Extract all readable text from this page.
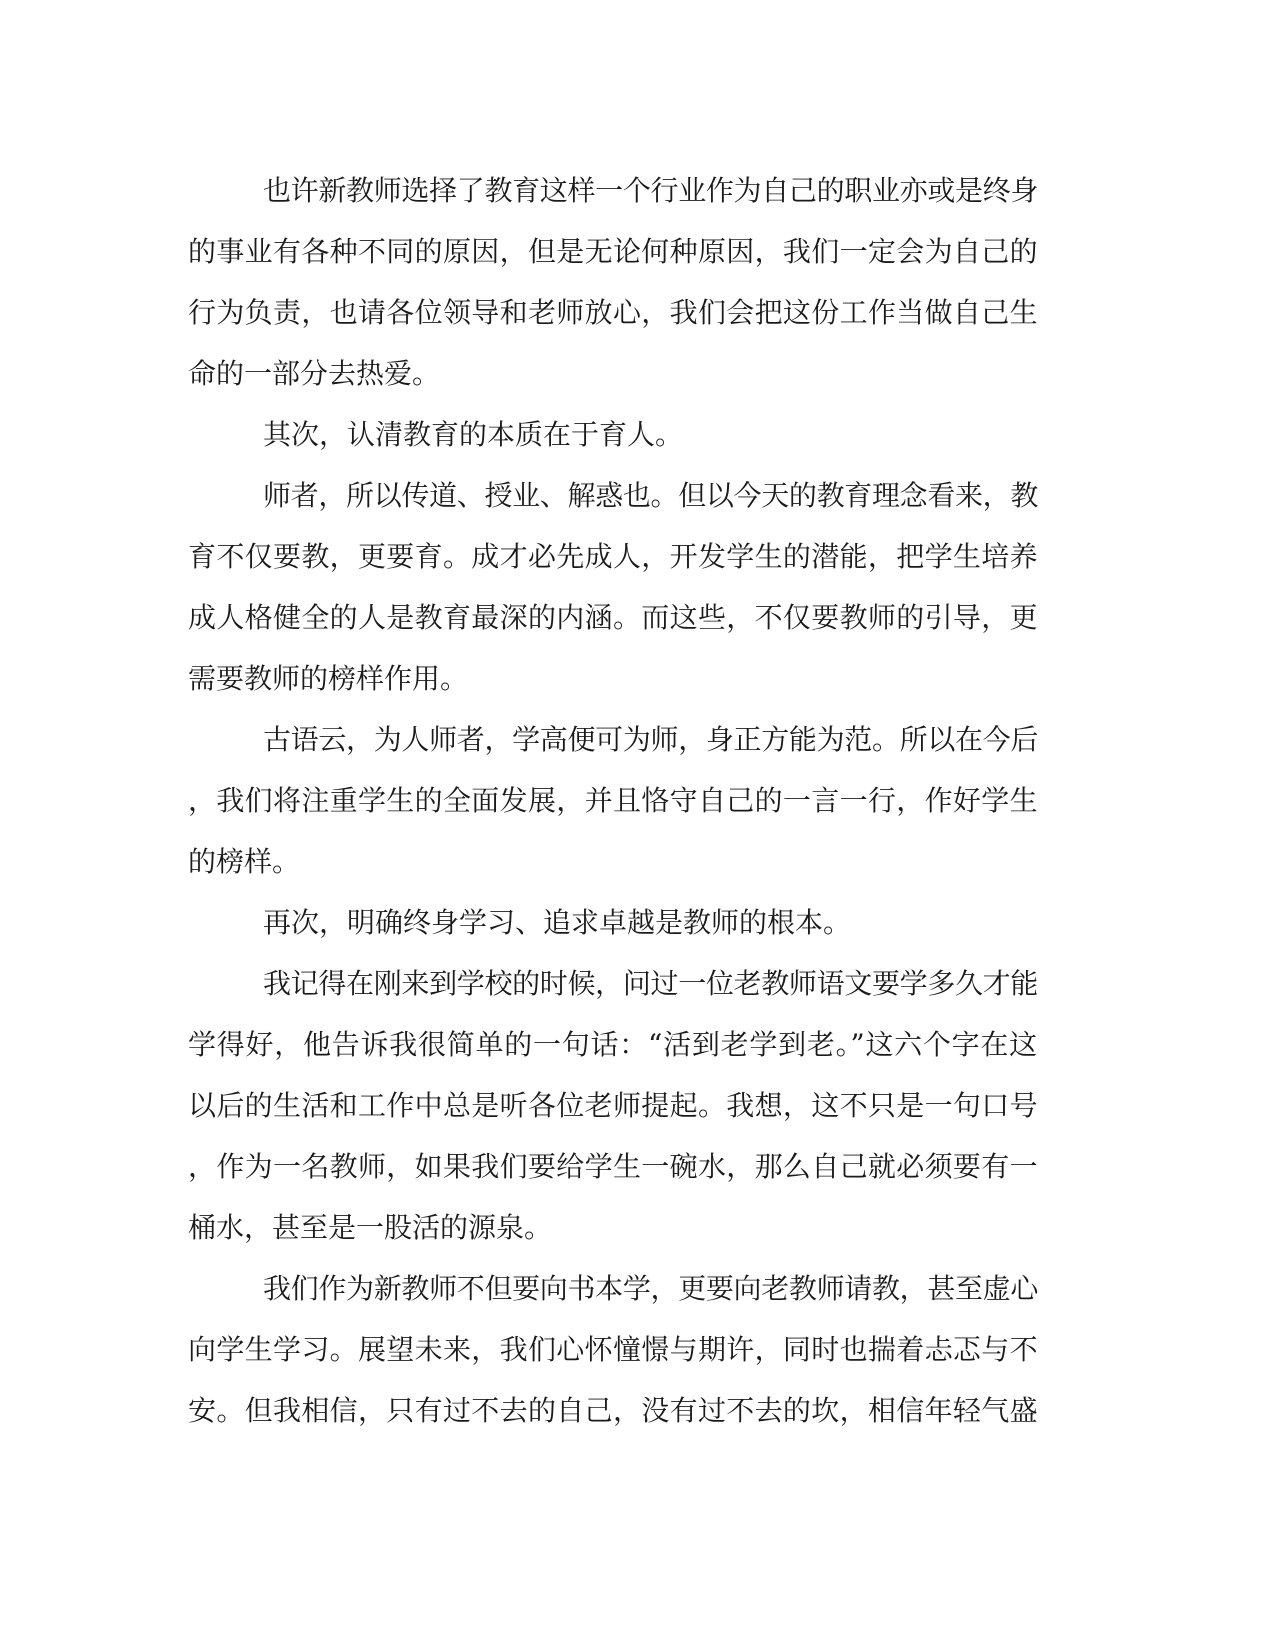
也许新教师选择了教育这样一个行业作为自己的职业亦或是终身
的事业有各种不同的原因，但是无论何种原因，我们一定会为自己的
行为负责，也请各位领导和老师放心，我们会把这份工作当做自己生
命的一部分去热爱。
其次，认清教育的本质在于育人。
师者，所以传道、授业、解惑也。但以今天的教育理念看来，教
育不仅要教，更要育。成才必先成人，开发学生的潜能，把学生培养
成人格健全的人是教育最深的内涵。而这些，不仅要教师的引导，更
需要教师的榜样作用。
古语云，为人师者，学高便可为师，身正方能为范。所以在今后
，我们将注重学生的全面发展，并且恪守自己的一言一行，作好学生
的榜样。
再次，明确终身学习、追求卓越是教师的根本。
我记得在刚来到学校的时候，问过一位老教师语文要学多久才能
学得好，他告诉我很简单的一句话：“活到老学到老。”这六个字在这
以后的生活和工作中总是听各位老师提起。我想，这不只是一句口号
，作为一名教师，如果我们要给学生一碗水，那么自己就必须要有一
桶水，甚至是一股活的源泉。
我们作为新教师不但要向书本学，更要向老教师请教，甚至虚心
向学生学习。展望未来，我们心怀憧憬与期许，同时也揣着忐忑与不
安。但我相信，只有过不去的自己，没有过不去的坎，相信年轻气盛
